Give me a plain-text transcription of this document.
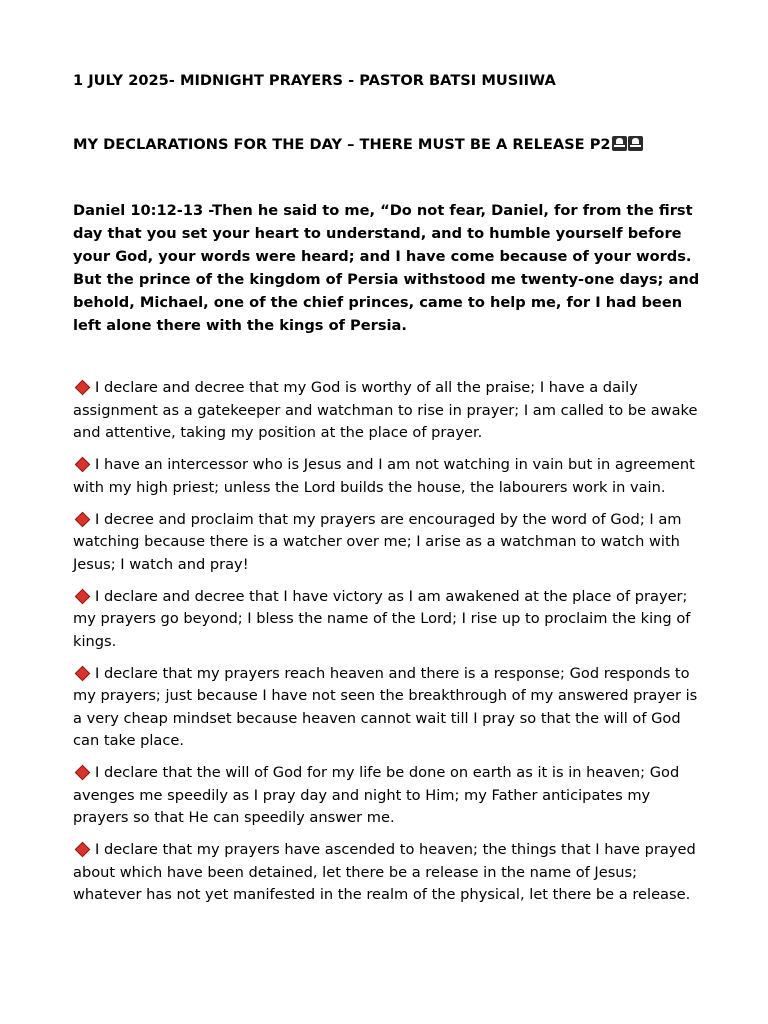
1 JULY 2025- MIDNIGHT PRAYERS - PASTOR BATSI MUSIIWA

MY DECLARATIONS FOR THE DAY – THERE MUST BE A RELEASE P2

Daniel 10:12-13 -Then he said to me, “Do not fear, Daniel, for from the first day that you set your heart to understand, and to humble yourself before your God, your words were heard; and I have come because of your words. But the prince of the kingdom of Persia withstood me twenty-one days; and behold, Michael, one of the chief princes, came to help me, for I had been left alone there with the kings of Persia.

I declare and decree that my God is worthy of all the praise; I have a daily assignment as a gatekeeper and watchman to rise in prayer; I am called to be awake and attentive, taking my position at the place of prayer.
I have an intercessor who is Jesus and I am not watching in vain but in agreement with my high priest; unless the Lord builds the house, the labourers work in vain.
I decree and proclaim that my prayers are encouraged by the word of God; I am watching because there is a watcher over me; I arise as a watchman to watch with Jesus; I watch and pray!
I declare and decree that I have victory as I am awakened at the place of prayer; my prayers go beyond; I bless the name of the Lord; I rise up to proclaim the king of kings.
I declare that my prayers reach heaven and there is a response; God responds to my prayers; just because I have not seen the breakthrough of my answered prayer is a very cheap mindset because heaven cannot wait till I pray so that the will of God can take place.
I declare that the will of God for my life be done on earth as it is in heaven; God avenges me speedily as I pray day and night to Him; my Father anticipates my prayers so that He can speedily answer me.
I declare that my prayers have ascended to heaven; the things that I have prayed about which have been detained, let there be a release in the name of Jesus; whatever has not yet manifested in the realm of the physical, let there be a release.
